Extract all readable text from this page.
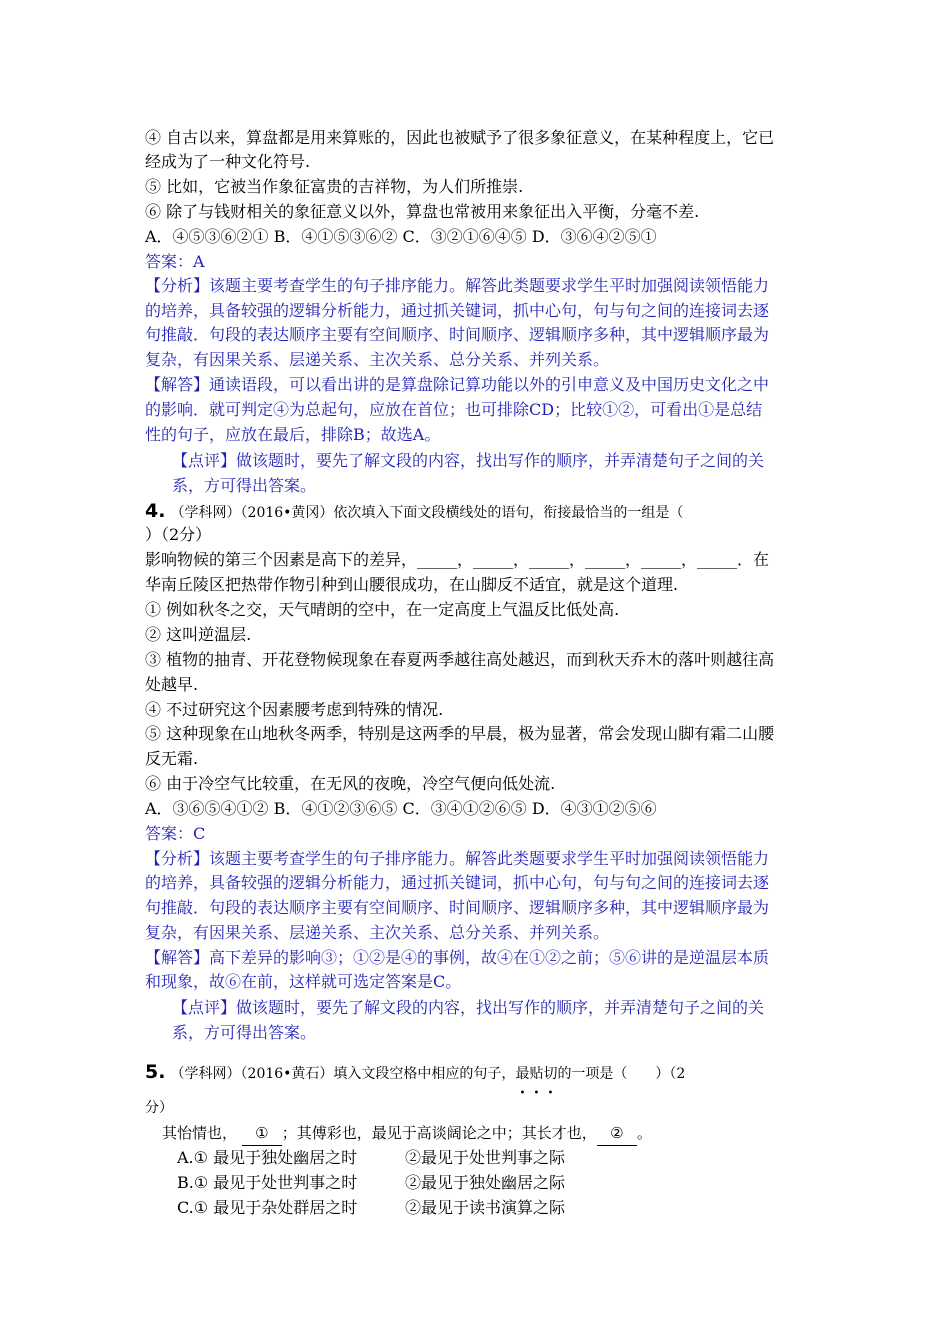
④ 自古以来，算盘都是用来算账的，因此也被赋予了很多象征意义，在某种程度上，它已
经成为了一种文化符号.
⑤ 比如，它被当作象征富贵的吉祥物，为人们所推崇.
⑥ 除了与钱财相关的象征意义以外，算盘也常被用来象征出入平衡，分毫不差.
A．④⑤③⑥②① B．④①⑤③⑥② C．③②①⑥④⑤ D．③⑥④②⑤①
答案：A
【分析】该题主要考查学生的句子排序能力。解答此类题要求学生平时加强阅读领悟能力
的培养，具备较强的逻辑分析能力，通过抓关键词，抓中心句，句与句之间的连接词去逐
句推敲．句段的表达顺序主要有空间顺序、时间顺序、逻辑顺序多种，其中逻辑顺序最为
复杂，有因果关系、层递关系、主次关系、总分关系、并列关系。
【解答】通读语段，可以看出讲的是算盘除记算功能以外的引申意义及中国历史文化之中
的影响．就可判定④为总起句，应放在首位；也可排除CD；比较①②，可看出①是总结
性的句子，应放在最后，排除B；故选A。
【点评】做该题时，要先了解文段的内容，找出写作的顺序，并弄清楚句子之间的关
系，方可得出答案。
4. （学科网）（2016•黄冈）依次填入下面文段横线处的语句，衔接最恰当的一组是（
）（2分）
影响物候的第三个因素是高下的差异，_____，_____，_____，_____，_____，_____．在
华南丘陵区把热带作物引种到山腰很成功，在山脚反不适宜，就是这个道理.
① 例如秋冬之交，天气晴朗的空中，在一定高度上气温反比低处高.
② 这叫逆温层.
③ 植物的抽青、开花登物候现象在春夏两季越往高处越迟，而到秋天乔木的落叶则越往高
处越早.
④ 不过研究这个因素腰考虑到特殊的情况.
⑤ 这种现象在山地秋冬两季，特别是这两季的早晨，极为显著，常会发现山脚有霜二山腰
反无霜.
⑥ 由于冷空气比较重，在无风的夜晚，冷空气便向低处流.
A．③⑥⑤④①② B．④①②③⑥⑤ C．③④①②⑥⑤ D．④③①②⑤⑥
答案：C
【分析】该题主要考查学生的句子排序能力。解答此类题要求学生平时加强阅读领悟能力
的培养，具备较强的逻辑分析能力，通过抓关键词，抓中心句，句与句之间的连接词去逐
句推敲．句段的表达顺序主要有空间顺序、时间顺序、逻辑顺序多种，其中逻辑顺序最为
复杂，有因果关系、层递关系、主次关系、总分关系、并列关系。
【解答】高下差异的影响③；①②是④的事例，故④在①②之前；⑤⑥讲的是逆温层本质
和现象，故⑥在前，这样就可选定答案是C。
【点评】做该题时，要先了解文段的内容，找出写作的顺序，并弄清楚句子之间的关
系，方可得出答案。
5. （学科网）（2016•黄石）填入文段空格中相应的句子，最贴切的一项是（　　）（2
分）
其怡情也， ① ；其傅彩也，最见于高谈阔论之中；其长才也， ② 。
A.① 最见于独处幽居之时	②最见于处世判事之际
B.① 最见于处世判事之时	②最见于独处幽居之际
C.① 最见于杂处群居之时	②最见于读书演算之际
